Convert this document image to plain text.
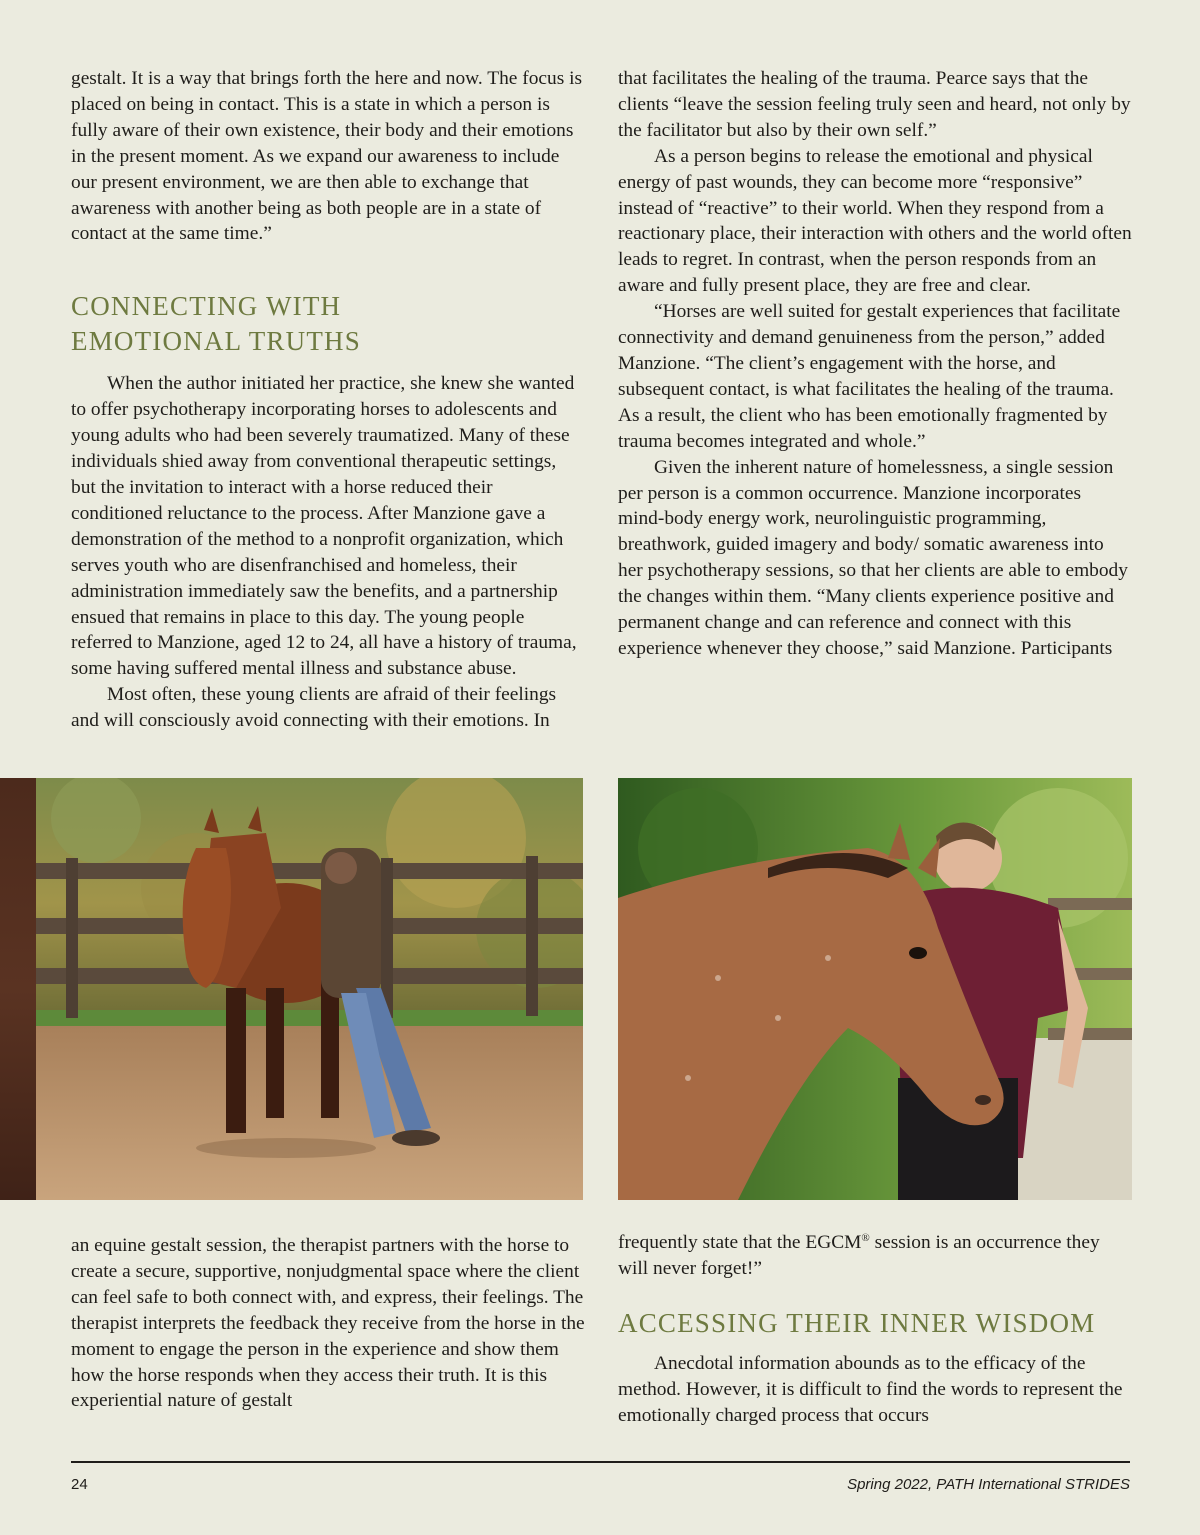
gestalt. It is a way that brings forth the here and now. The focus is placed on being in contact. This is a state in which a person is fully aware of their own existence, their body and their emotions in the present moment. As we expand our awareness to include our present environment, we are then able to exchange that awareness with another being as both people are in a state of contact at the same time.”

CONNECTING WITH
EMOTIONAL TRUTHS

When the author initiated her practice, she knew she wanted to offer psychotherapy incorporating horses to adolescents and young adults who had been severely traumatized. Many of these individuals shied away from conventional therapeutic settings, but the invitation to interact with a horse reduced their conditioned reluctance to the process. After Manzione gave a demonstration of the method to a nonprofit organization, which serves youth who are disenfranchised and homeless, their administration immediately saw the benefits, and a partnership ensued that remains in place to this day. The young people referred to Manzione, aged 12 to 24, all have a history of trauma, some having suffered mental illness and substance abuse.

Most often, these young clients are afraid of their feelings and will consciously avoid connecting with their emotions. In

that facilitates the healing of the trauma. Pearce says that the clients “leave the session feeling truly seen and heard, not only by the facilitator but also by their own self.”

As a person begins to release the emotional and physical energy of past wounds, they can become more “responsive” instead of “reactive” to their world. When they respond from a reactionary place, their interaction with others and the world often leads to regret. In contrast, when the person responds from an aware and fully present place, they are free and clear.

“Horses are well suited for gestalt experiences that facilitate connectivity and demand genuineness from the person,” added Manzione. “The client’s engagement with the horse, and subsequent contact, is what facilitates the healing of the trauma. As a result, the client who has been emotionally fragmented by trauma becomes integrated and whole.”

Given the inherent nature of homelessness, a single session per person is a common occurrence. Manzione incorporates mind-body energy work, neurolinguistic programming, breathwork, guided imagery and body/ somatic awareness into her psychotherapy sessions, so that her clients are able to embody the changes within them. “Many clients experience positive and permanent change and can reference and connect with this experience whenever they choose,” said Manzione. Participants

an equine gestalt session, the therapist partners with the horse to create a secure, supportive, nonjudgmental space where the client can feel safe to both connect with, and express, their feelings. The therapist interprets the feedback they receive from the horse in the moment to engage the person in the experience and show them how the horse responds when they access their truth. It is this experiential nature of gestalt

frequently state that the EGCM® session is an occurrence they will never forget!”

ACCESSING THEIR INNER WISDOM

Anecdotal information abounds as to the efficacy of the method. However, it is difficult to find the words to represent the emotionally charged process that occurs

24	Spring 2022, PATH International STRIDES
